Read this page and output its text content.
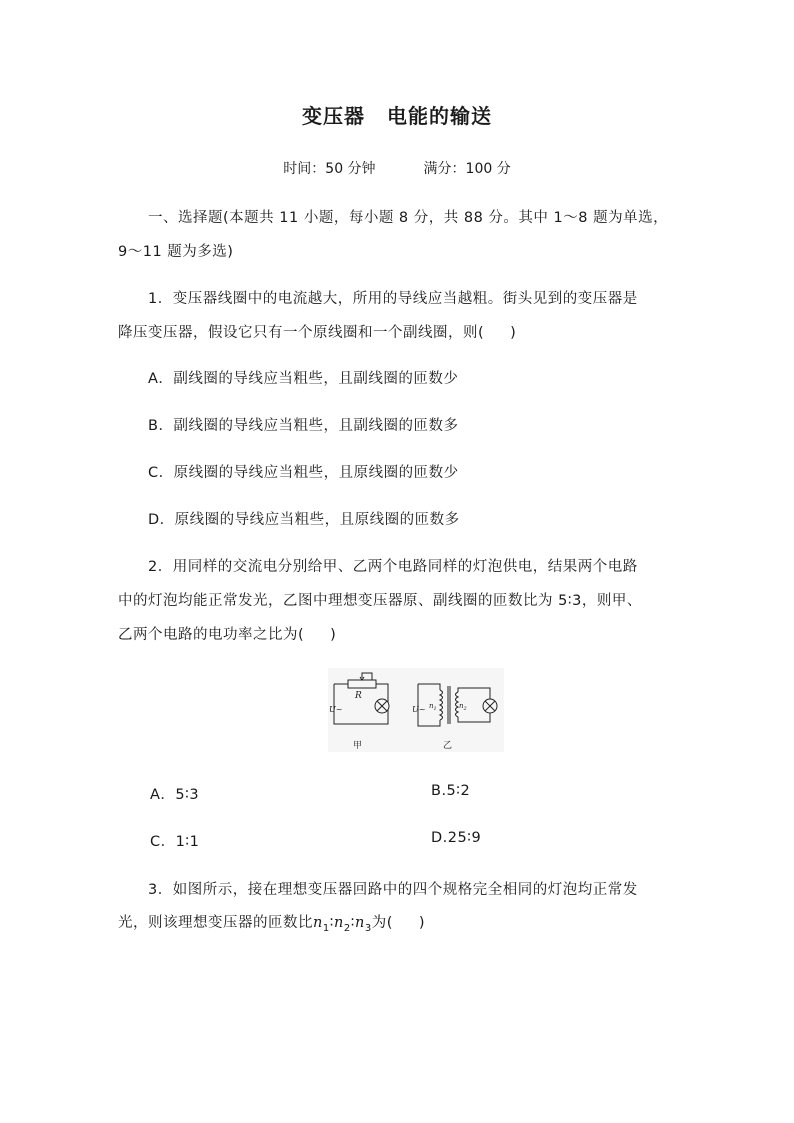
变压器 电能的输送
时间：50 分钟	满分：100 分
一、选择题(本题共 11 小题，每小题 8 分，共 88 分。其中 1～8 题为单选，
9～11 题为多选)
1．变压器线圈中的电流越大，所用的导线应当越粗。街头见到的变压器是
降压变压器，假设它只有一个原线圈和一个副线圈，则( )
A．副线圈的导线应当粗些，且副线圈的匝数少
B．副线圈的导线应当粗些，且副线圈的匝数多
C．原线圈的导线应当粗些，且原线圈的匝数少
D．原线圈的导线应当粗些，且原线圈的匝数多
2．用同样的交流电分别给甲、乙两个电路同样的灯泡供电，结果两个电路
中的灯泡均能正常发光，乙图中理想变压器原、副线圈的匝数比为 5∶3，则甲、
乙两个电路的电功率之比为( )
R
U~
甲
U~ $n_1$	$n_2$
乙
A．5∶3	B.5∶2
C．1∶1	D.25∶9
3．如图所示，接在理想变压器回路中的四个规格完全相同的灯泡均正常发
光，则该理想变压器的匝数比$n_1∶n_2∶n_3$为( )
